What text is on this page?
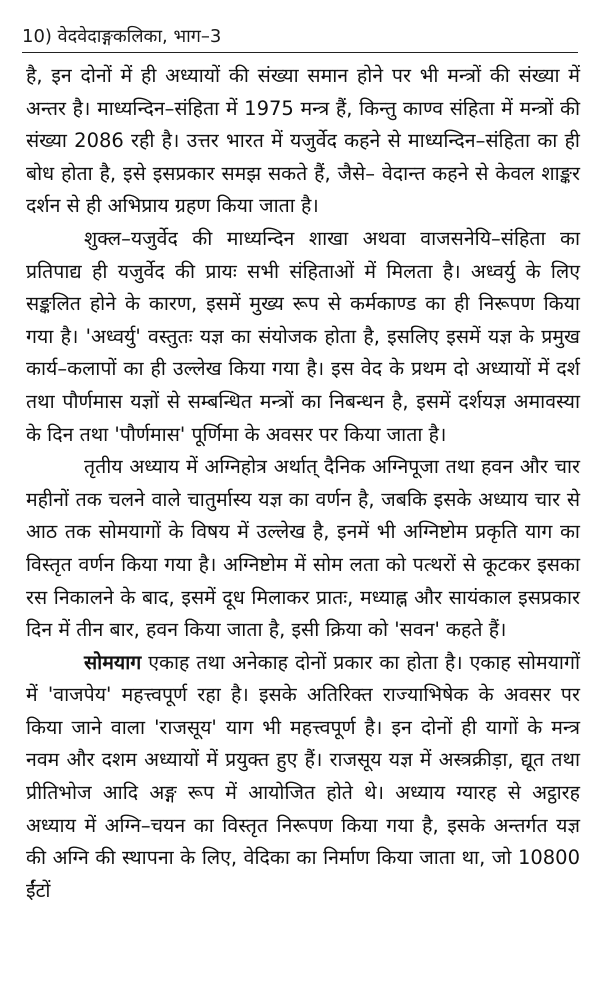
10) वेदवेदाङ्गकलिका, भाग–3

है, इन दोनों में ही अध्यायों की संख्या समान होने पर भी मन्त्रों की संख्या में अन्तर है। माध्यन्दिन–संहिता में 1975 मन्त्र हैं, किन्तु काण्व संहिता में मन्त्रों की संख्या 2086 रही है। उत्तर भारत में यजुर्वेद कहने से माध्यन्दिन–संहिता का ही बोध होता है, इसे इसप्रकार समझ सकते हैं, जैसे– वेदान्त कहने से केवल शाङ्कर दर्शन से ही अभिप्राय ग्रहण किया जाता है।

शुक्ल–यजुर्वेद की माध्यन्दिन शाखा अथवा वाजसनेयि–संहिता का प्रतिपाद्य ही यजुर्वेद की प्रायः सभी संहिताओं में मिलता है। अध्वर्यु के लिए सङ्कलित होने के कारण, इसमें मुख्य रूप से कर्मकाण्ड का ही निरूपण किया गया है। 'अध्वर्यु' वस्तुतः यज्ञ का संयोजक होता है, इसलिए इसमें यज्ञ के प्रमुख कार्य–कलापों का ही उल्लेख किया गया है। इस वेद के प्रथम दो अध्यायों में दर्श तथा पौर्णमास यज्ञों से सम्बन्धित मन्त्रों का निबन्धन है, इसमें दर्शयज्ञ अमावस्या के दिन तथा 'पौर्णमास' पूर्णिमा के अवसर पर किया जाता है।

तृतीय अध्याय में अग्निहोत्र अर्थात् दैनिक अग्निपूजा तथा हवन और चार महीनों तक चलने वाले चातुर्मास्य यज्ञ का वर्णन है, जबकि इसके अध्याय चार से आठ तक सोमयागों के विषय में उल्लेख है, इनमें भी अग्निष्टोम प्रकृति याग का विस्तृत वर्णन किया गया है। अग्निष्टोम में सोम लता को पत्थरों से कूटकर इसका रस निकालने के बाद, इसमें दूध मिलाकर प्रातः, मध्याह्न और सायंकाल इसप्रकार दिन में तीन बार, हवन किया जाता है, इसी क्रिया को 'सवन' कहते हैं।

सोमयाग एकाह तथा अनेकाह दोनों प्रकार का होता है। एकाह सोमयागों में 'वाजपेय' महत्त्वपूर्ण रहा है। इसके अतिरिक्त राज्याभिषेक के अवसर पर किया जाने वाला 'राजसूय' याग भी महत्त्वपूर्ण है। इन दोनों ही यागों के मन्त्र नवम और दशम अध्यायों में प्रयुक्त हुए हैं। राजसूय यज्ञ में अस्त्रक्रीड़ा, द्यूत तथा प्रीतिभोज आदि अङ्ग रूप में आयोजित होते थे। अध्याय ग्यारह से अट्ठारह अध्याय में अग्नि–चयन का विस्तृत निरूपण किया गया है, इसके अन्तर्गत यज्ञ की अग्नि की स्थापना के लिए, वेदिका का निर्माण किया जाता था, जो 10800 ईंटों
